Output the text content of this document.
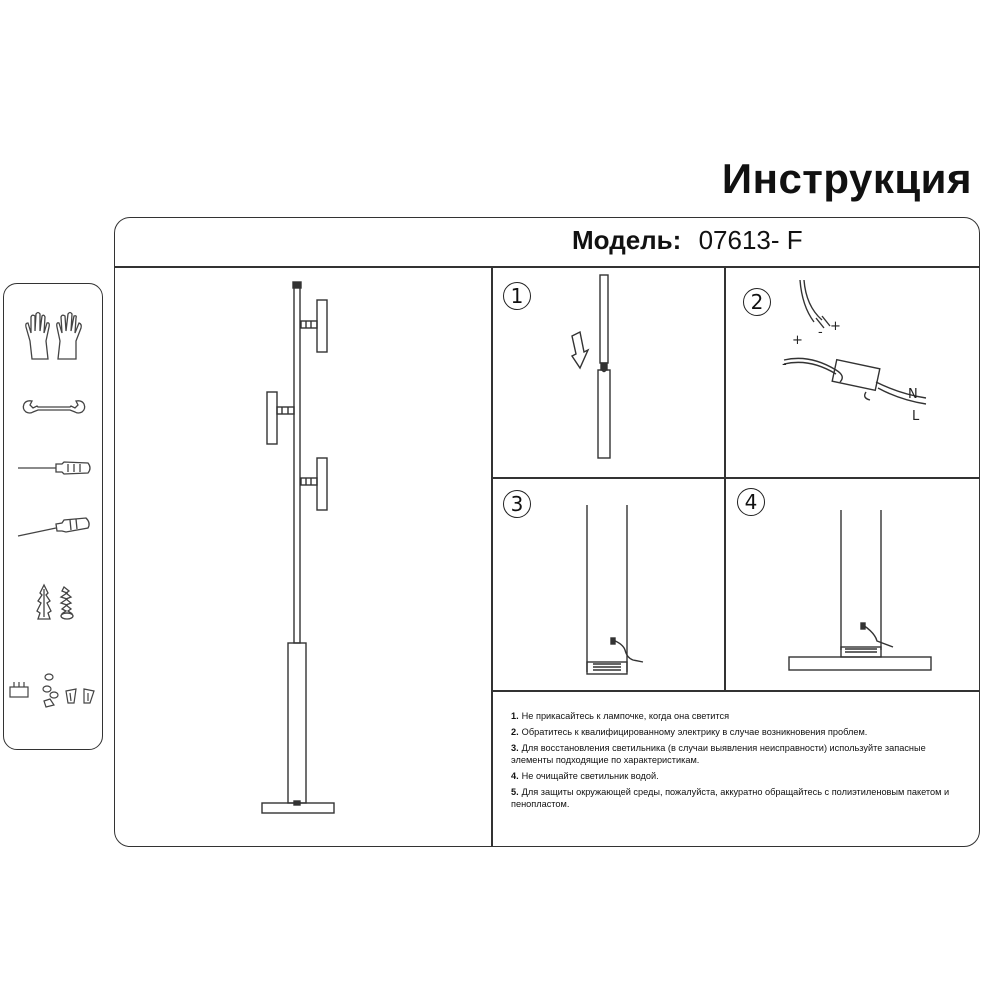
Инструкция
Модель: 07613- F
1	2
+
-
+
-
N
L
3	4
1. Не прикасайтесь к лампочке, когда она светится
2. Обратитесь к квалифицированному электрику в случае возникновения проблем.
3. Для восстановления светильника (в случаи выявления неисправности) используйте запасные элементы подходящие по характеристикам.
4. Не очищайте светильник водой.
5. Для защиты окружающей среды, пожалуйста, аккуратно обращайтесь с полиэтиленовым пакетом и пенопластом.
